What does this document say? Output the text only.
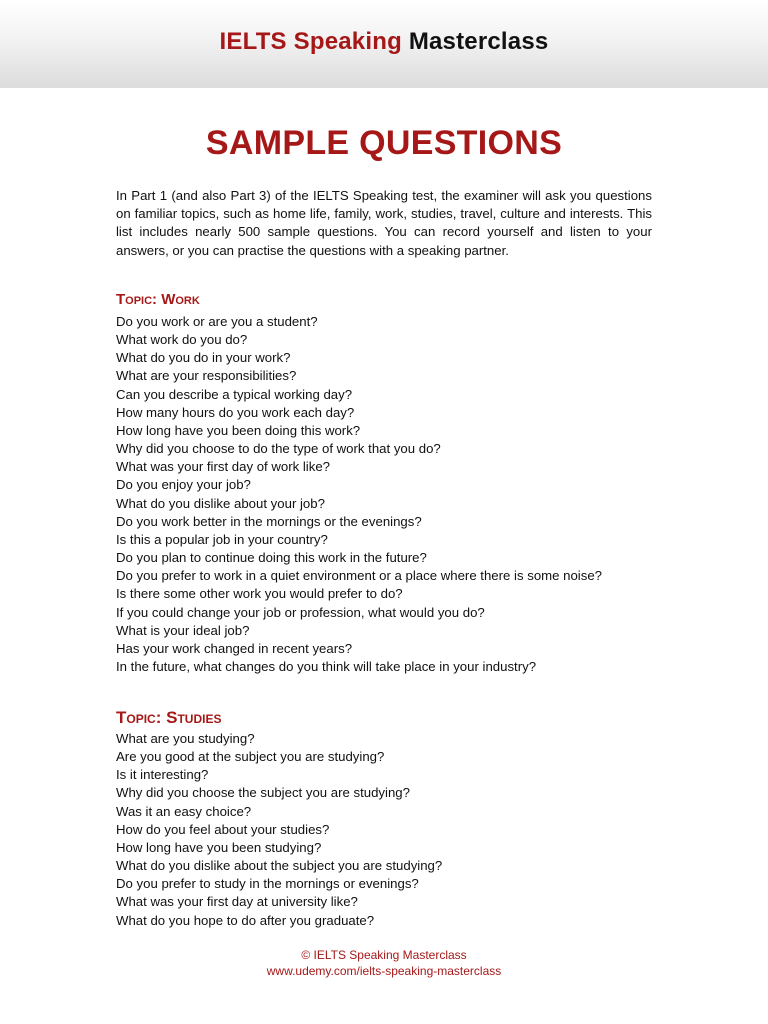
IELTS Speaking Masterclass
SAMPLE QUESTIONS

In Part 1 (and also Part 3) of the IELTS Speaking test, the examiner will ask you questions on familiar topics, such as home life, family, work, studies, travel, culture and interests. This list includes nearly 500 sample questions. You can record yourself and listen to your answers, or you can practise the questions with a speaking partner.

Topic: Work
Do you work or are you a student?
What work do you do?
What do you do in your work?
What are your responsibilities?
Can you describe a typical working day?
How many hours do you work each day?
How long have you been doing this work?
Why did you choose to do the type of work that you do?
What was your first day of work like?
Do you enjoy your job?
What do you dislike about your job?
Do you work better in the mornings or the evenings?
Is this a popular job in your country?
Do you plan to continue doing this work in the future?
Do you prefer to work in a quiet environment or a place where there is some noise?
Is there some other work you would prefer to do?
If you could change your job or profession, what would you do?
What is your ideal job?
Has your work changed in recent years?
In the future, what changes do you think will take place in your industry?
Topic: Studies
What are you studying?
Are you good at the subject you are studying?
Is it interesting?
Why did you choose the subject you are studying?
Was it an easy choice?
How do you feel about your studies?
How long have you been studying?
What do you dislike about the subject you are studying?
Do you prefer to study in the mornings or evenings?
What was your first day at university like?
What do you hope to do after you graduate?
© IELTS Speaking Masterclass
www.udemy.com/ielts-speaking-masterclass
